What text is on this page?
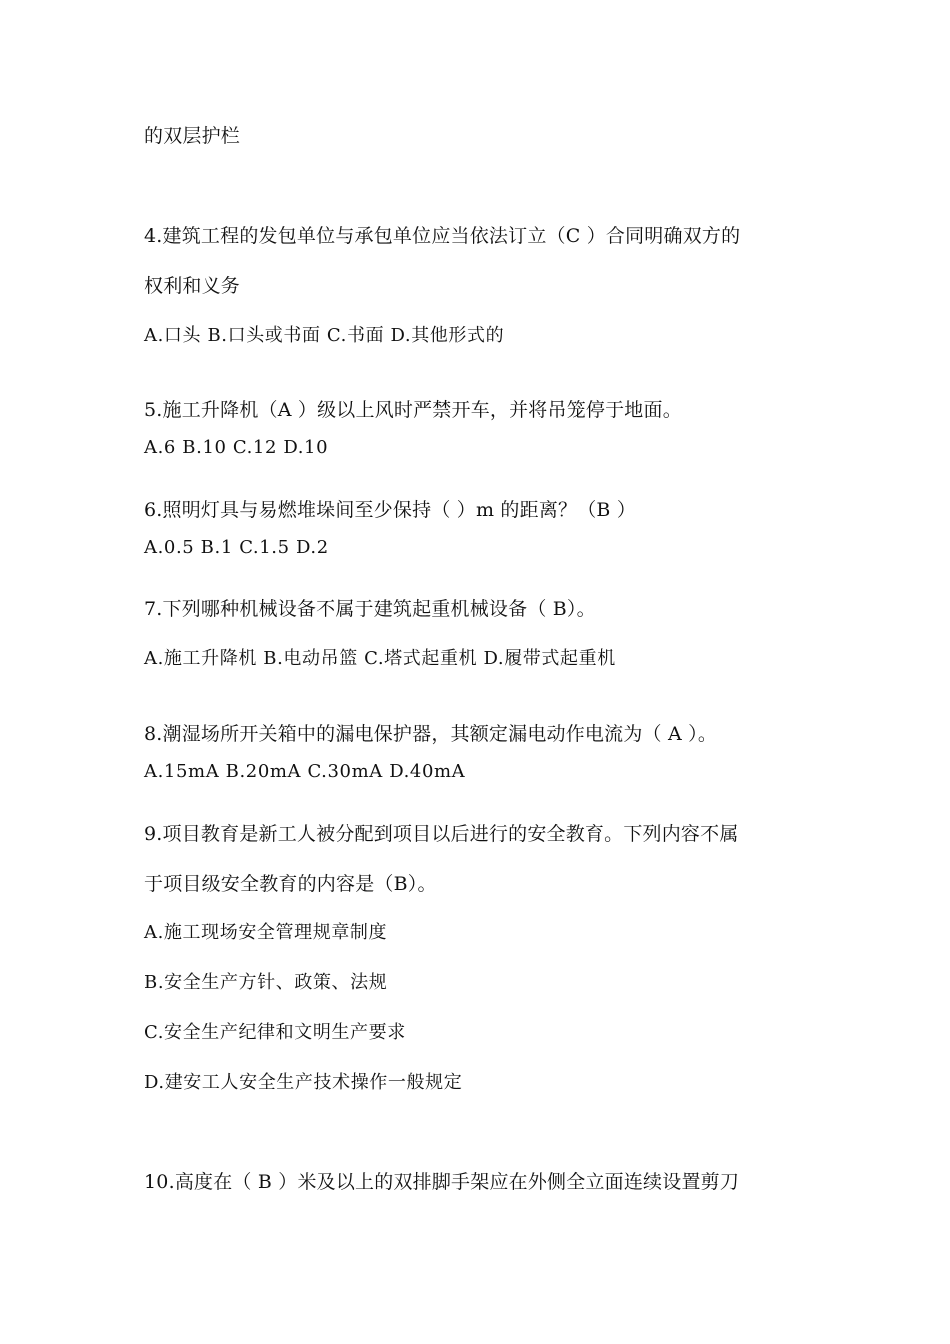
的双层护栏
4.建筑工程的发包单位与承包单位应当依法订立（C ）合同明确双方的
权利和义务
A.口头 B.口头或书面 C.书面 D.其他形式的
5.施工升降机（A ）级以上风时严禁开车，并将吊笼停于地面。
A.6 B.10 C.12 D.10
6.照明灯具与易燃堆垛间至少保持（ ）m 的距离？（B ）
A.0.5 B.1 C.1.5 D.2
7.下列哪种机械设备不属于建筑起重机械设备（ B）。
A.施工升降机 B.电动吊篮 C.塔式起重机 D.履带式起重机
8.潮湿场所开关箱中的漏电保护器，其额定漏电动作电流为（ A ）。
A.15mA B.20mA C.30mA D.40mA
9.项目教育是新工人被分配到项目以后进行的安全教育。下列内容不属
于项目级安全教育的内容是（B）。
A.施工现场安全管理规章制度
B.安全生产方针、政策、法规
C.安全生产纪律和文明生产要求
D.建安工人安全生产技术操作一般规定
10.高度在（ B ）米及以上的双排脚手架应在外侧全立面连续设置剪刀
